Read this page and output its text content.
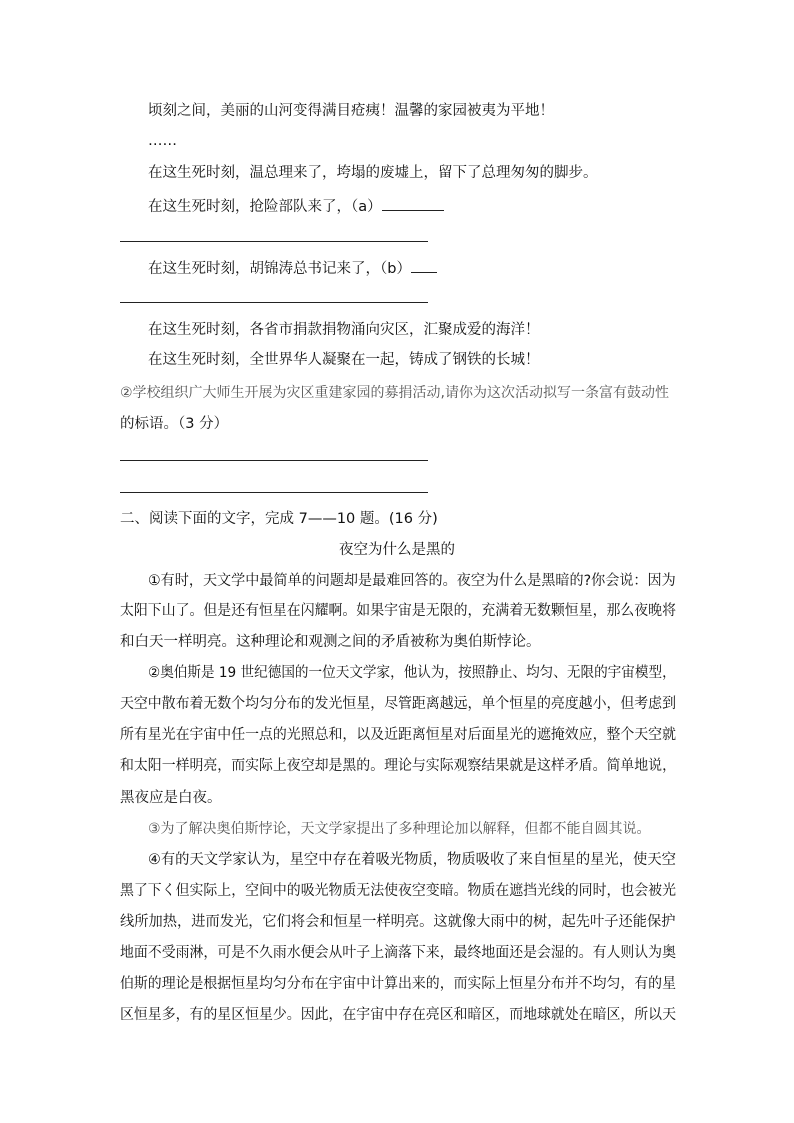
顷刻之间，美丽的山河变得满目疮痍！温馨的家园被夷为平地！
……
在这生死时刻，温总理来了，垮塌的废墟上，留下了总理匆匆的脚步。
在这生死时刻，抢险部队来了，（a）
在这生死时刻，胡锦涛总书记来了，（b）
在这生死时刻，各省市捐款捐物涌向灾区，汇聚成爱的海洋！
在这生死时刻，全世界华人凝聚在一起，铸成了钢铁的长城！
②学校组织广大师生开展为灾区重建家园的募捐活动,请你为这次活动拟写一条富有鼓动性
的标语。（3 分）
二、阅读下面的文字，完成 7——10 题。(16 分)
夜空为什么是黑的
①有时，天文学中最简单的问题却是最难回答的。夜空为什么是黑暗的?你会说：因为
太阳下山了。但是还有恒星在闪耀啊。如果宇宙是无限的，充满着无数颗恒星，那么夜晚将
和白天一样明亮。这种理论和观测之间的矛盾被称为奥伯斯悖论。
②奥伯斯是 19 世纪德国的一位天文学家，他认为，按照静止、均匀、无限的宇宙模型，
天空中散布着无数个均匀分布的发光恒星，尽管距离越远，单个恒星的亮度越小，但考虑到
所有星光在宇宙中任一点的光照总和，以及近距离恒星对后面星光的遮掩效应，整个天空就
和太阳一样明亮，而实际上夜空却是黑的。理论与实际观察结果就是这样矛盾。简单地说，
黑夜应是白夜。
③为了解决奥伯斯悖论，天文学家提出了多种理论加以解释，但都不能自圆其说。
④有的天文学家认为，星空中存在着吸光物质，物质吸收了来自恒星的星光，使天空
黑了下く但实际上，空间中的吸光物质无法使夜空变暗。物质在遮挡光线的同时，也会被光
线所加热，进而发光，它们将会和恒星一样明亮。这就像大雨中的树，起先叶子还能保护
地面不受雨淋，可是不久雨水便会从叶子上滴落下来，最终地面还是会湿的。有人则认为奥
伯斯的理论是根据恒星均匀分布在宇宙中计算出来的，而实际上恒星分布并不均匀，有的星
区恒星多，有的星区恒星少。因此，在宇宙中存在亮区和暗区，而地球就处在暗区，所以天
